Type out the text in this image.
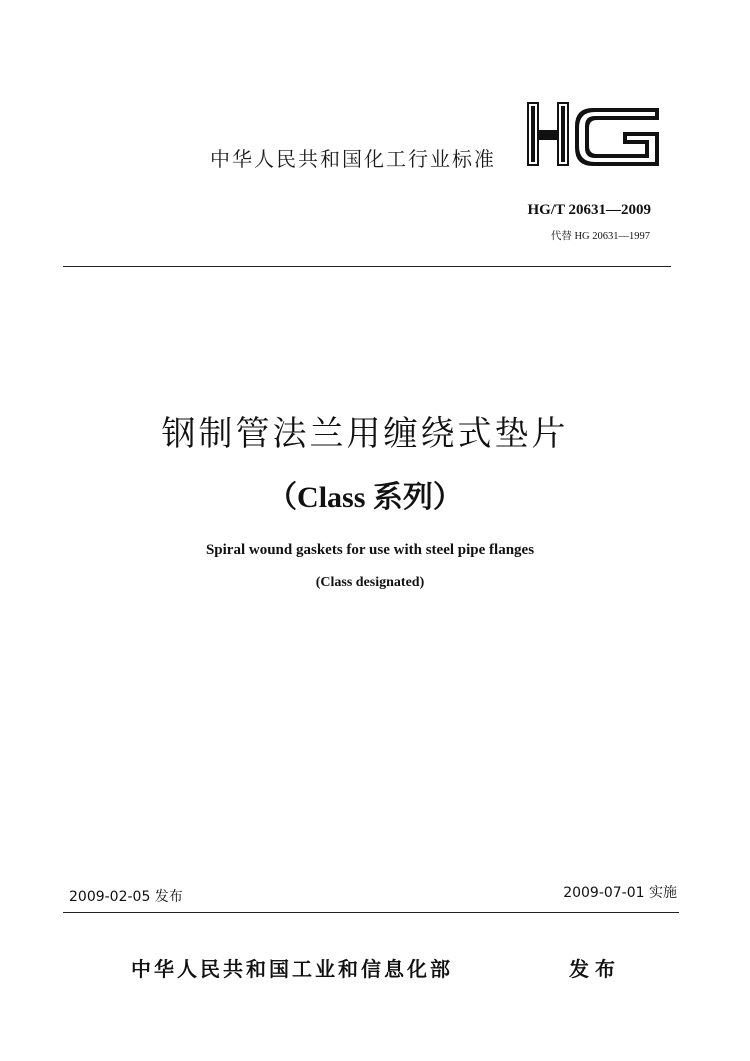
中华人民共和国化工行业标准
HG/T 20631—2009
代替 HG 20631—1997
钢制管法兰用缠绕式垫片
（Class 系列）
Spiral wound gaskets for use with steel pipe flanges
(Class designated)
2009-02-05 发布	2009-07-01 实施
中华人民共和国工业和信息化部	发布
